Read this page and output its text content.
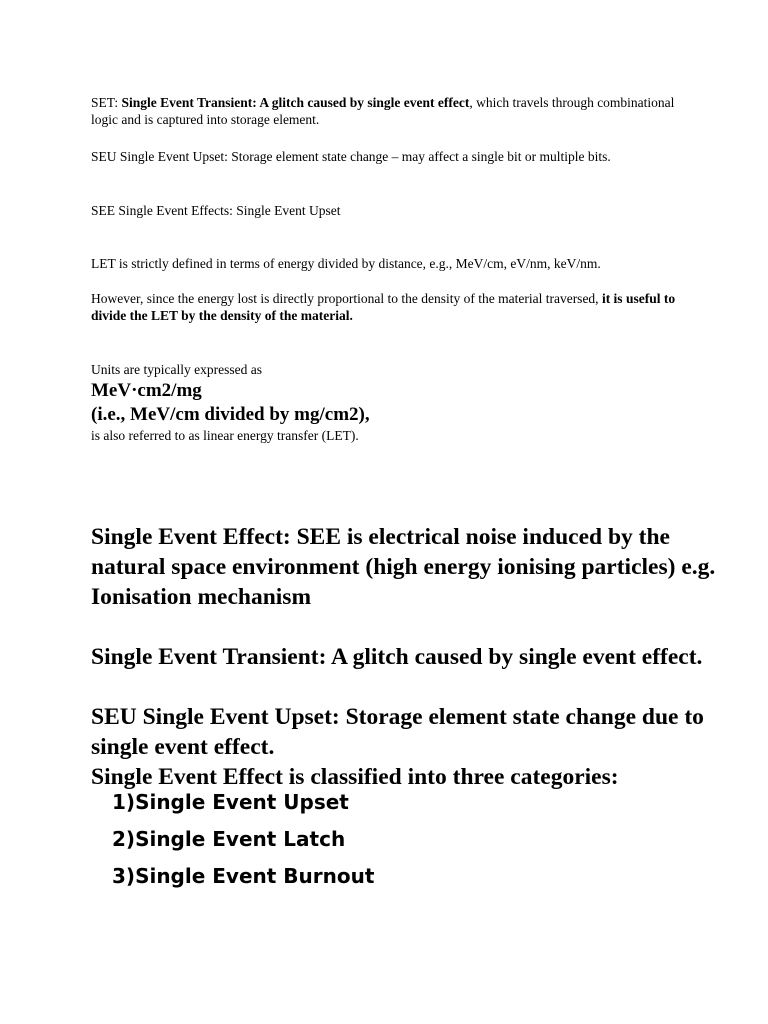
SET: Single Event Transient: A glitch caused by single event effect, which travels through combinational logic and is captured into storage element.

SEU Single Event Upset: Storage element state change – may affect a single bit or multiple bits.

SEE Single Event Effects: Single Event Upset

LET is strictly defined in terms of energy divided by distance, e.g., MeV/cm, eV/nm, keV/nm.

However, since the energy lost is directly proportional to the density of the material traversed, it is useful to divide the LET by the density of the material.

Units are typically expressed as

MeV·cm2/mg

(i.e., MeV/cm divided by mg/cm2),

is also referred to as linear energy transfer (LET).

Single Event Effect: SEE is electrical noise induced by the natural space environment (high energy ionising particles) e.g. Ionisation mechanism

Single Event Transient: A glitch caused by single event effect.

SEU Single Event Upset: Storage element state change due to single event effect.

Single Event Effect is classified into three categories:

1)Single Event Upset
2)Single Event Latch
3)Single Event Burnout
